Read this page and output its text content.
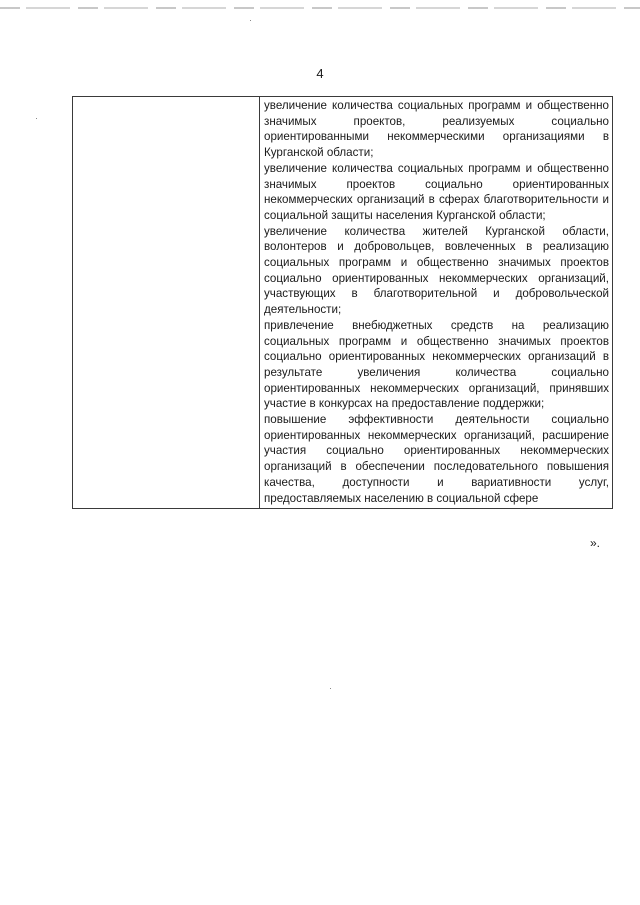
4

увеличение количества социальных программ и общественно значимых проектов, реализуемых социально ориентированными некоммерческими организациями в Курганской области;

увеличение количества социальных программ и общественно значимых проектов социально ориентированных некоммерческих организаций в сферах благотворительности и социальной защиты населения Курганской области;

увеличение количества жителей Курганской области, волонтеров и добровольцев, вовлеченных в реализацию социальных программ и общественно значимых проектов социально ориентированных некоммерческих организаций, участвующих в благотворительной и добровольческой деятельности;

привлечение внебюджетных средств на реализацию социальных программ и общественно значимых проектов социально ориентированных некоммерческих организаций в результате увеличения количества социально ориентированных некоммерческих организаций, принявших участие в конкурсах на предоставление поддержки;

повышение эффективности деятельности социально ориентированных некоммерческих организаций, расширение участия социально ориентированных некоммерческих организаций в обеспечении последовательного повышения качества, доступности и вариативности услуг, предоставляемых населению в социальной сфере

».
